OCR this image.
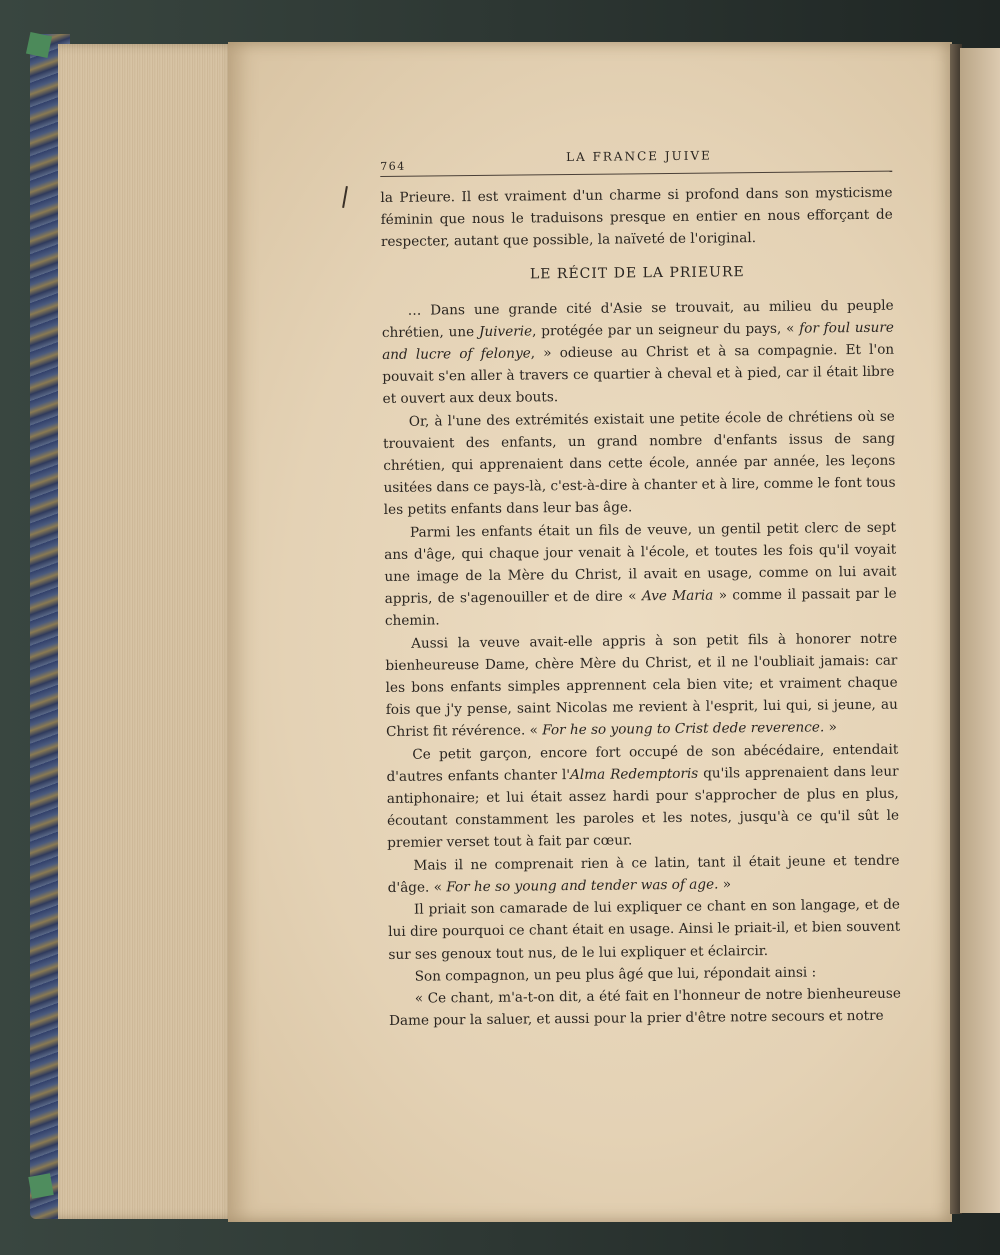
764
LA FRANCE JUIVE

la Prieure. Il est vraiment d'un charme si profond dans son mysticisme féminin que nous le traduisons presque en entier en nous efforçant de respecter, autant que possible, la naïveté de l'original.

LE RÉCIT DE LA PRIEURE

… Dans une grande cité d'Asie se trouvait, au milieu du peuple chrétien, une Juiverie, protégée par un seigneur du pays, « for foul usure and lucre of felonye, » odieuse au Christ et à sa compagnie. Et l'on pouvait s'en aller à travers ce quartier à cheval et à pied, car il était libre et ouvert aux deux bouts.

Or, à l'une des extrémités existait une petite école de chrétiens où se trouvaient des enfants, un grand nombre d'enfants issus de sang chrétien, qui apprenaient dans cette école, année par année, les leçons usitées dans ce pays-là, c'est-à-dire à chanter et à lire, comme le font tous les petits enfants dans leur bas âge.

Parmi les enfants était un fils de veuve, un gentil petit clerc de sept ans d'âge, qui chaque jour venait à l'école, et toutes les fois qu'il voyait une image de la Mère du Christ, il avait en usage, comme on lui avait appris, de s'agenouiller et de dire « Ave Maria » comme il passait par le chemin.

Aussi la veuve avait-elle appris à son petit fils à honorer notre bienheureuse Dame, chère Mère du Christ, et il ne l'oubliait jamais: car les bons enfants simples apprennent cela bien vite; et vraiment chaque fois que j'y pense, saint Nicolas me revient à l'esprit, lui qui, si jeune, au Christ fit révérence. « For he so young to Crist dede reverence. »

Ce petit garçon, encore fort occupé de son abécédaire, entendait d'autres enfants chanter l'Alma Redemptoris qu'ils apprenaient dans leur antiphonaire; et lui était assez hardi pour s'approcher de plus en plus, écoutant constamment les paroles et les notes, jusqu'à ce qu'il sût le premier verset tout à fait par cœur.

Mais il ne comprenait rien à ce latin, tant il était jeune et tendre d'âge. « For he so young and tender was of age. »

Il priait son camarade de lui expliquer ce chant en son langage, et de lui dire pourquoi ce chant était en usage. Ainsi le priait-il, et bien souvent sur ses genoux tout nus, de le lui expliquer et éclaircir.

Son compagnon, un peu plus âgé que lui, répondait ainsi :

« Ce chant, m'a-t-on dit, a été fait en l'honneur de notre bienheureuse Dame pour la saluer, et aussi pour la prier d'être notre secours et notre
